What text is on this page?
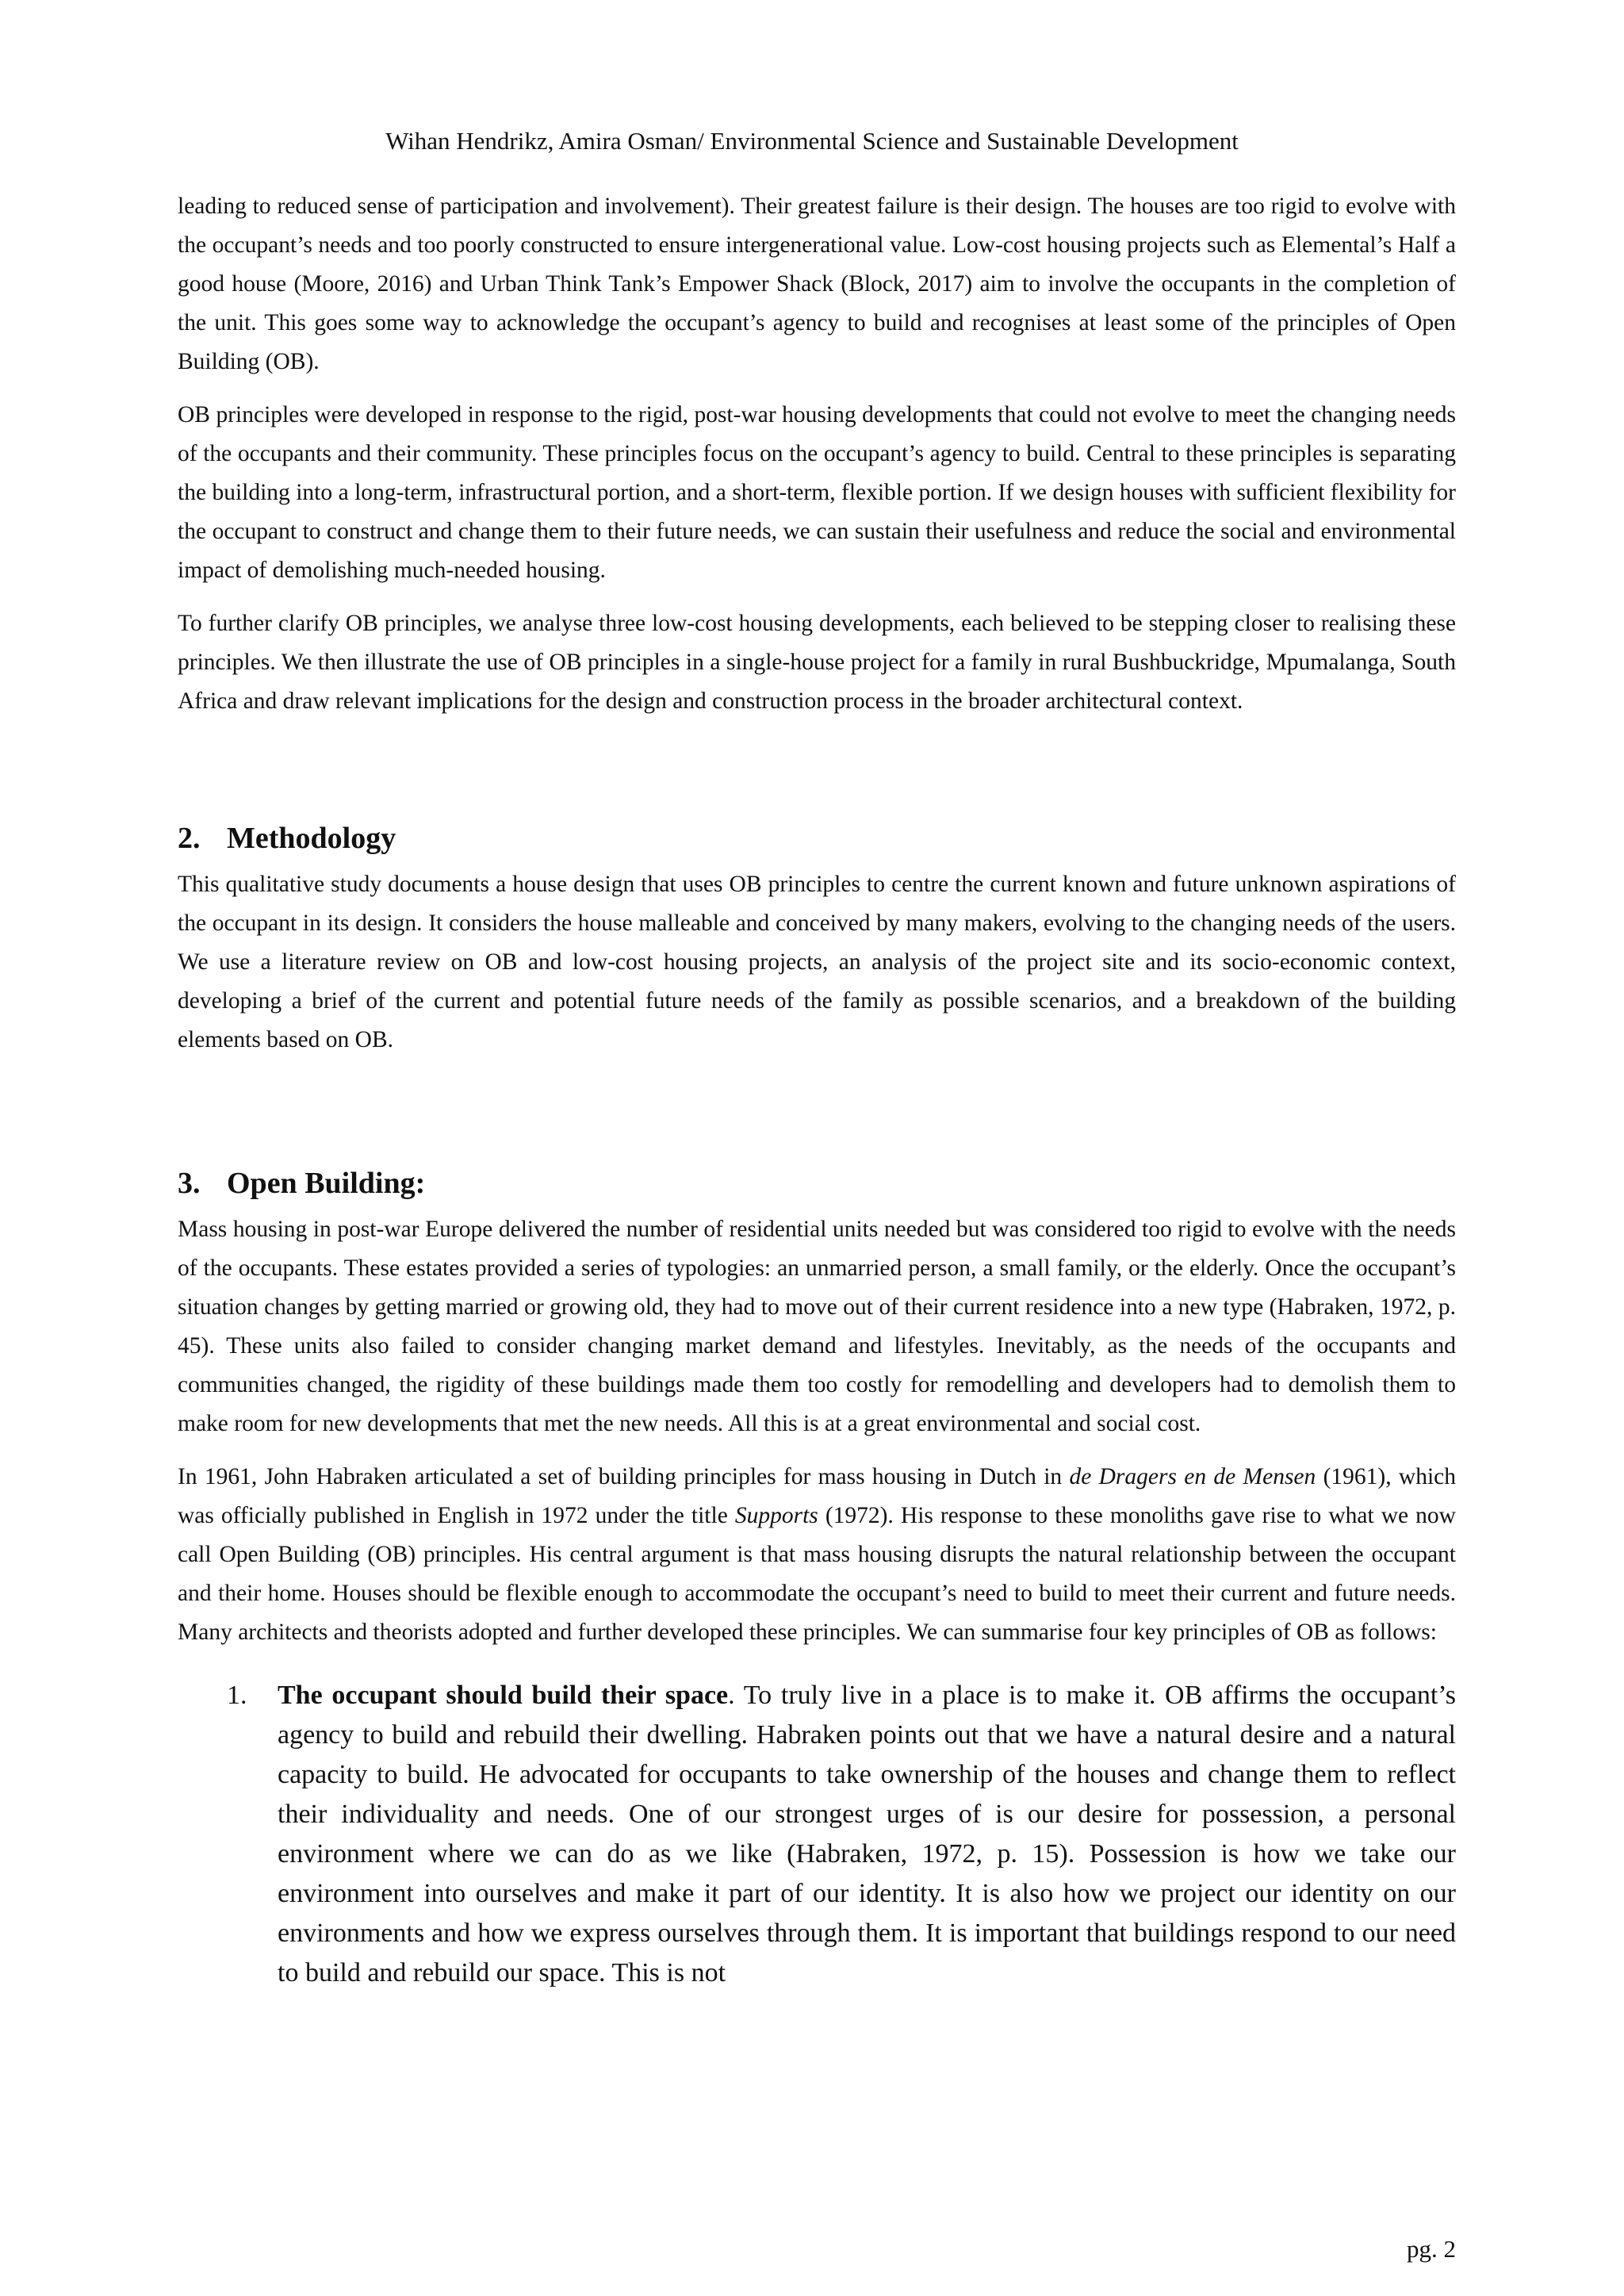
Wihan Hendrikz, Amira Osman/ Environmental Science and Sustainable Development

leading to reduced sense of participation and involvement). Their greatest failure is their design. The houses are too rigid to evolve with the occupant’s needs and too poorly constructed to ensure intergenerational value. Low-cost housing projects such as Elemental’s Half a good house (Moore, 2016) and Urban Think Tank’s Empower Shack (Block, 2017) aim to involve the occupants in the completion of the unit. This goes some way to acknowledge the occupant’s agency to build and recognises at least some of the principles of Open Building (OB).

OB principles were developed in response to the rigid, post-war housing developments that could not evolve to meet the changing needs of the occupants and their community. These principles focus on the occupant’s agency to build. Central to these principles is separating the building into a long-term, infrastructural portion, and a short-term, flexible portion. If we design houses with sufficient flexibility for the occupant to construct and change them to their future needs, we can sustain their usefulness and reduce the social and environmental impact of demolishing much-needed housing.

To further clarify OB principles, we analyse three low-cost housing developments, each believed to be stepping closer to realising these principles. We then illustrate the use of OB principles in a single-house project for a family in rural Bushbuckridge, Mpumalanga, South Africa and draw relevant implications for the design and construction process in the broader architectural context.

2. Methodology

This qualitative study documents a house design that uses OB principles to centre the current known and future unknown aspirations of the occupant in its design. It considers the house malleable and conceived by many makers, evolving to the changing needs of the users. We use a literature review on OB and low-cost housing projects, an analysis of the project site and its socio-economic context, developing a brief of the current and potential future needs of the family as possible scenarios, and a breakdown of the building elements based on OB.

3. Open Building:

Mass housing in post-war Europe delivered the number of residential units needed but was considered too rigid to evolve with the needs of the occupants. These estates provided a series of typologies: an unmarried person, a small family, or the elderly. Once the occupant’s situation changes by getting married or growing old, they had to move out of their current residence into a new type (Habraken, 1972, p. 45). These units also failed to consider changing market demand and lifestyles. Inevitably, as the needs of the occupants and communities changed, the rigidity of these buildings made them too costly for remodelling and developers had to demolish them to make room for new developments that met the new needs. All this is at a great environmental and social cost.

In 1961, John Habraken articulated a set of building principles for mass housing in Dutch in de Dragers en de Mensen (1961), which was officially published in English in 1972 under the title Supports (1972). His response to these monoliths gave rise to what we now call Open Building (OB) principles. His central argument is that mass housing disrupts the natural relationship between the occupant and their home. Houses should be flexible enough to accommodate the occupant’s need to build to meet their current and future needs. Many architects and theorists adopted and further developed these principles. We can summarise four key principles of OB as follows:

1. The occupant should build their space. To truly live in a place is to make it. OB affirms the occupant’s agency to build and rebuild their dwelling. Habraken points out that we have a natural desire and a natural capacity to build. He advocated for occupants to take ownership of the houses and change them to reflect their individuality and needs. One of our strongest urges of is our desire for possession, a personal environment where we can do as we like (Habraken, 1972, p. 15). Possession is how we take our environment into ourselves and make it part of our identity. It is also how we project our identity on our environments and how we express ourselves through them. It is important that buildings respond to our need to build and rebuild our space. This is not
pg. 2
